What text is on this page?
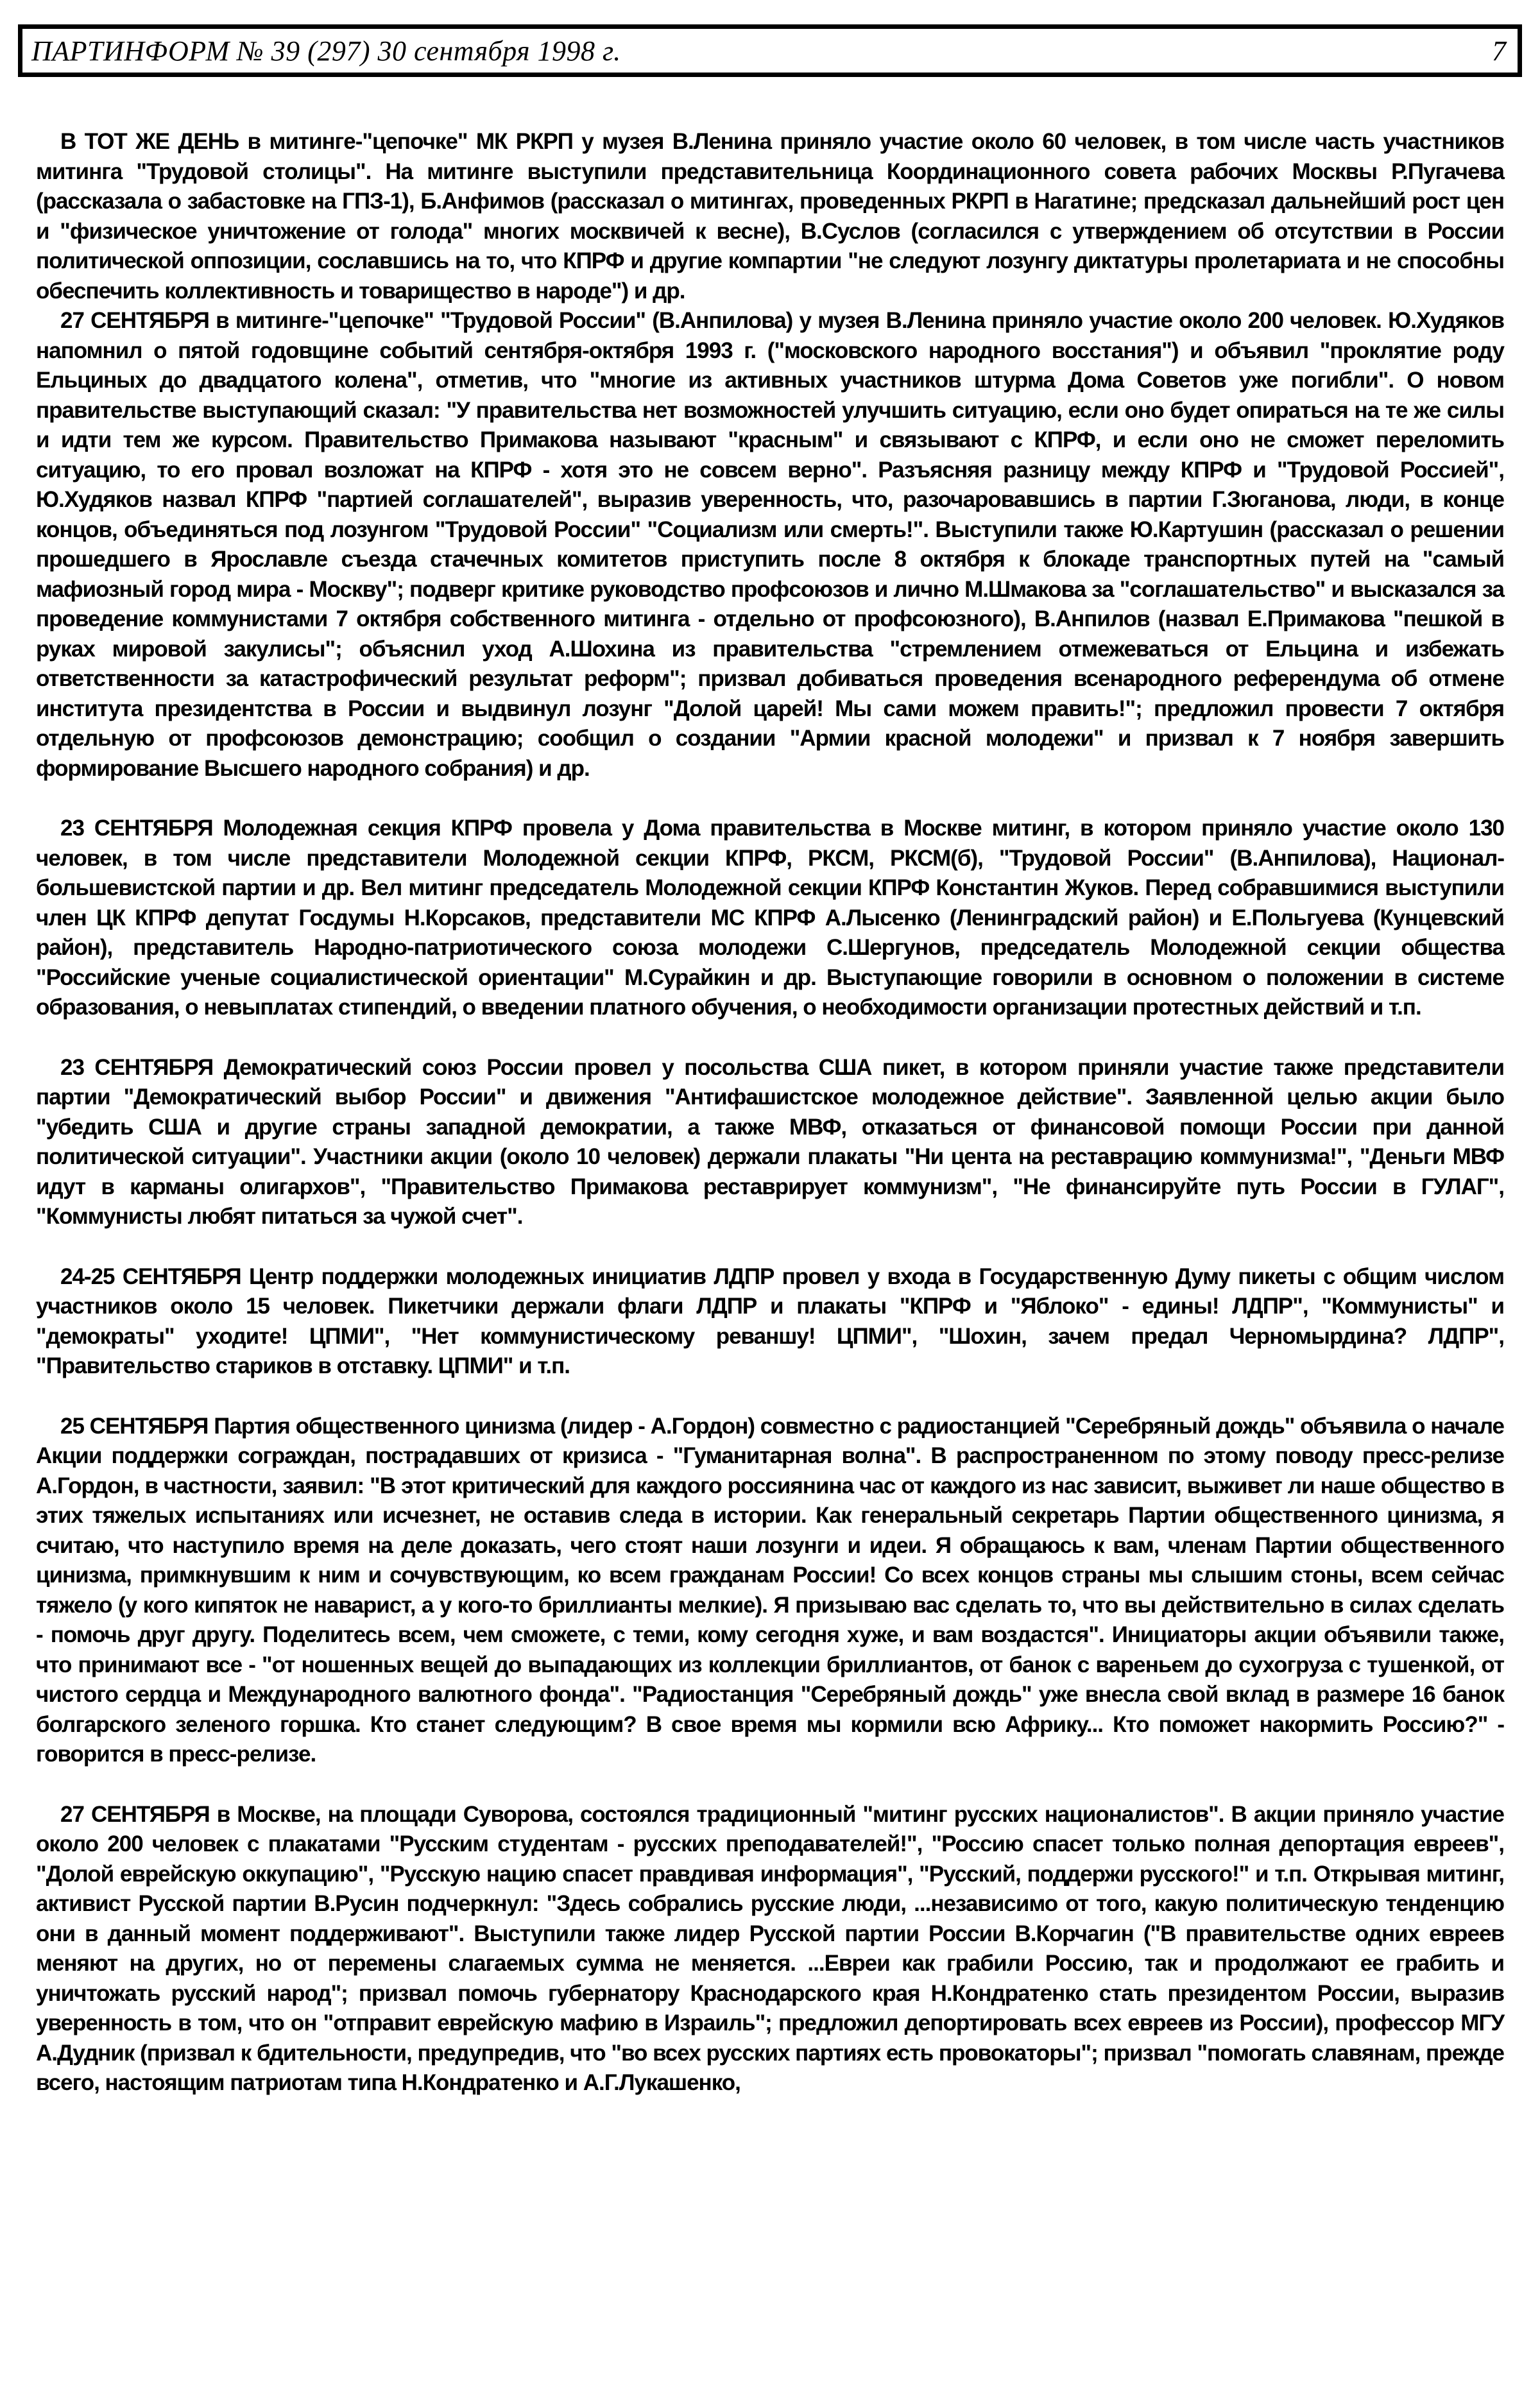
ПАРТИНФОРМ № 39 (297) 30 сентября 1998 г.	7

В ТОТ ЖЕ ДЕНЬ в митинге-"цепочке" МК РКРП у музея В.Ленина приняло участие около 60 человек, в том числе часть участников митинга "Трудовой столицы". На митинге выступили представительница Координационного совета рабочих Москвы Р.Пугачева (рассказала о забастовке на ГПЗ-1), Б.Анфимов (рассказал о митингах, проведенных РКРП в Нагатине; предсказал дальнейший рост цен и "физическое уничтожение от голода" многих москвичей к весне), В.Суслов (согласился с утверждением об отсутствии в России политической оппозиции, сославшись на то, что КПРФ и другие компартии "не следуют лозунгу диктатуры пролетариата и не способны обеспечить коллективность и товарищество в народе") и др.

27 СЕНТЯБРЯ в митинге-"цепочке" "Трудовой России" (В.Анпилова) у музея В.Ленина приняло участие около 200 человек. Ю.Худяков напомнил о пятой годовщине событий сентября-октября 1993 г. ("московского народного восстания") и объявил "проклятие роду Ельциных до двадцатого колена", отметив, что "многие из активных участников штурма Дома Советов уже погибли". О новом правительстве выступающий сказал: "У правительства нет возможностей улучшить ситуацию, если оно будет опираться на те же силы и идти тем же курсом. Правительство Примакова называют "красным" и связывают с КПРФ, и если оно не сможет переломить ситуацию, то его провал возложат на КПРФ - хотя это не совсем верно". Разъясняя разницу между КПРФ и "Трудовой Россией", Ю.Худяков назвал КПРФ "партией соглашателей", выразив уверенность, что, разочаровавшись в партии Г.Зюганова, люди, в конце концов, объединяться под лозунгом "Трудовой России" "Социализм или смерть!". Выступили также Ю.Картушин (рассказал о решении прошедшего в Ярославле съезда стачечных комитетов приступить после 8 октября к блокаде транспортных путей на "самый мафиозный город мира - Москву"; подверг критике руководство профсоюзов и лично М.Шмакова за "соглашательство" и высказался за проведение коммунистами 7 октября собственного митинга - отдельно от профсоюзного), В.Анпилов (назвал Е.Примакова "пешкой в руках мировой закулисы"; объяснил уход А.Шохина из правительства "стремлением отмежеваться от Ельцина и избежать ответственности за катастрофический результат реформ"; призвал добиваться проведения всенародного референдума об отмене института президентства в России и выдвинул лозунг "Долой царей! Мы сами можем править!"; предложил провести 7 октября отдельную от профсоюзов демонстрацию; сообщил о создании "Армии красной молодежи" и призвал к 7 ноября завершить формирование Высшего народного собрания) и др.

23 СЕНТЯБРЯ Молодежная секция КПРФ провела у Дома правительства в Москве митинг, в котором приняло участие около 130 человек, в том числе представители Молодежной секции КПРФ, РКСМ, РКСМ(б), "Трудовой России" (В.Анпилова), Национал-большевистской партии и др. Вел митинг председатель Молодежной секции КПРФ Константин Жуков. Перед собравшимися выступили член ЦК КПРФ депутат Госдумы Н.Корсаков, представители МС КПРФ А.Лысенко (Ленинградский район) и Е.Польгуева (Кунцевский район), представитель Народно-патриотического союза молодежи С.Шергунов, председатель Молодежной секции общества "Российские ученые социалистической ориентации" М.Сурайкин и др. Выступающие говорили в основном о положении в системе образования, о невыплатах стипендий, о введении платного обучения, о необходимости организации протестных действий и т.п.

23 СЕНТЯБРЯ Демократический союз России провел у посольства США пикет, в котором приняли участие также представители партии "Демократический выбор России" и движения "Антифашистское молодежное действие". Заявленной целью акции было "убедить США и другие страны западной демократии, а также МВФ, отказаться от финансовой помощи России при данной политической ситуации". Участники акции (около 10 человек) держали плакаты "Ни цента на реставрацию коммунизма!", "Деньги МВФ идут в карманы олигархов", "Правительство Примакова реставрирует коммунизм", "Не финансируйте путь России в ГУЛАГ", "Коммунисты любят питаться за чужой счет".

24-25 СЕНТЯБРЯ Центр поддержки молодежных инициатив ЛДПР провел у входа в Государственную Думу пикеты с общим числом участников около 15 человек. Пикетчики держали флаги ЛДПР и плакаты "КПРФ и "Яблоко" - едины! ЛДПР", "Коммунисты" и "демократы" уходите! ЦПМИ", "Нет коммунистическому реваншу! ЦПМИ", "Шохин, зачем предал Черномырдина? ЛДПР", "Правительство стариков в отставку. ЦПМИ" и т.п.

25 СЕНТЯБРЯ Партия общественного цинизма (лидер - А.Гордон) совместно с радиостанцией "Серебряный дождь" объявила о начале Акции поддержки сограждан, пострадавших от кризиса - "Гуманитарная волна". В распространенном по этому поводу пресс-релизе А.Гордон, в частности, заявил: "В этот критический для каждого россиянина час от каждого из нас зависит, выживет ли наше общество в этих тяжелых испытаниях или исчезнет, не оставив следа в истории. Как генеральный секретарь Партии общественного цинизма, я считаю, что наступило время на деле доказать, чего стоят наши лозунги и идеи. Я обращаюсь к вам, членам Партии общественного цинизма, примкнувшим к ним и сочувствующим, ко всем гражданам России! Со всех концов страны мы слышим стоны, всем сейчас тяжело (у кого кипяток не наварист, а у кого-то бриллианты мелкие). Я призываю вас сделать то, что вы действительно в силах сделать - помочь друг другу. Поделитесь всем, чем сможете, с теми, кому сегодня хуже, и вам воздастся". Инициаторы акции объявили также, что принимают все - "от ношенных вещей до выпадающих из коллекции бриллиантов, от банок с вареньем до сухогруза с тушенкой, от чистого сердца и Международного валютного фонда". "Радиостанция "Серебряный дождь" уже внесла свой вклад в размере 16 банок болгарского зеленого горшка. Кто станет следующим? В свое время мы кормили всю Африку... Кто поможет накормить Россию?" - говорится в пресс-релизе.

27 СЕНТЯБРЯ в Москве, на площади Суворова, состоялся традиционный "митинг русских националистов". В акции приняло участие около 200 человек с плакатами "Русским студентам - русских преподавателей!", "Россию спасет только полная депортация евреев", "Долой еврейскую оккупацию", "Русскую нацию спасет правдивая информация", "Русский, поддержи русского!" и т.п. Открывая митинг, активист Русской партии В.Русин подчеркнул: "Здесь собрались русские люди, ...независимо от того, какую политическую тенденцию они в данный момент поддерживают". Выступили также лидер Русской партии России В.Корчагин ("В правительстве одних евреев меняют на других, но от перемены слагаемых сумма не меняется. ...Евреи как грабили Россию, так и продолжают ее грабить и уничтожать русский народ"; призвал помочь губернатору Краснодарского края Н.Кондратенко стать президентом России, выразив уверенность в том, что он "отправит еврейскую мафию в Израиль"; предложил депортировать всех евреев из России), профессор МГУ А.Дудник (призвал к бдительности, предупредив, что "во всех русских партиях есть провокаторы"; призвал "помогать славянам, прежде всего, настоящим патриотам типа Н.Кондратенко и А.Г.Лукашенко,
